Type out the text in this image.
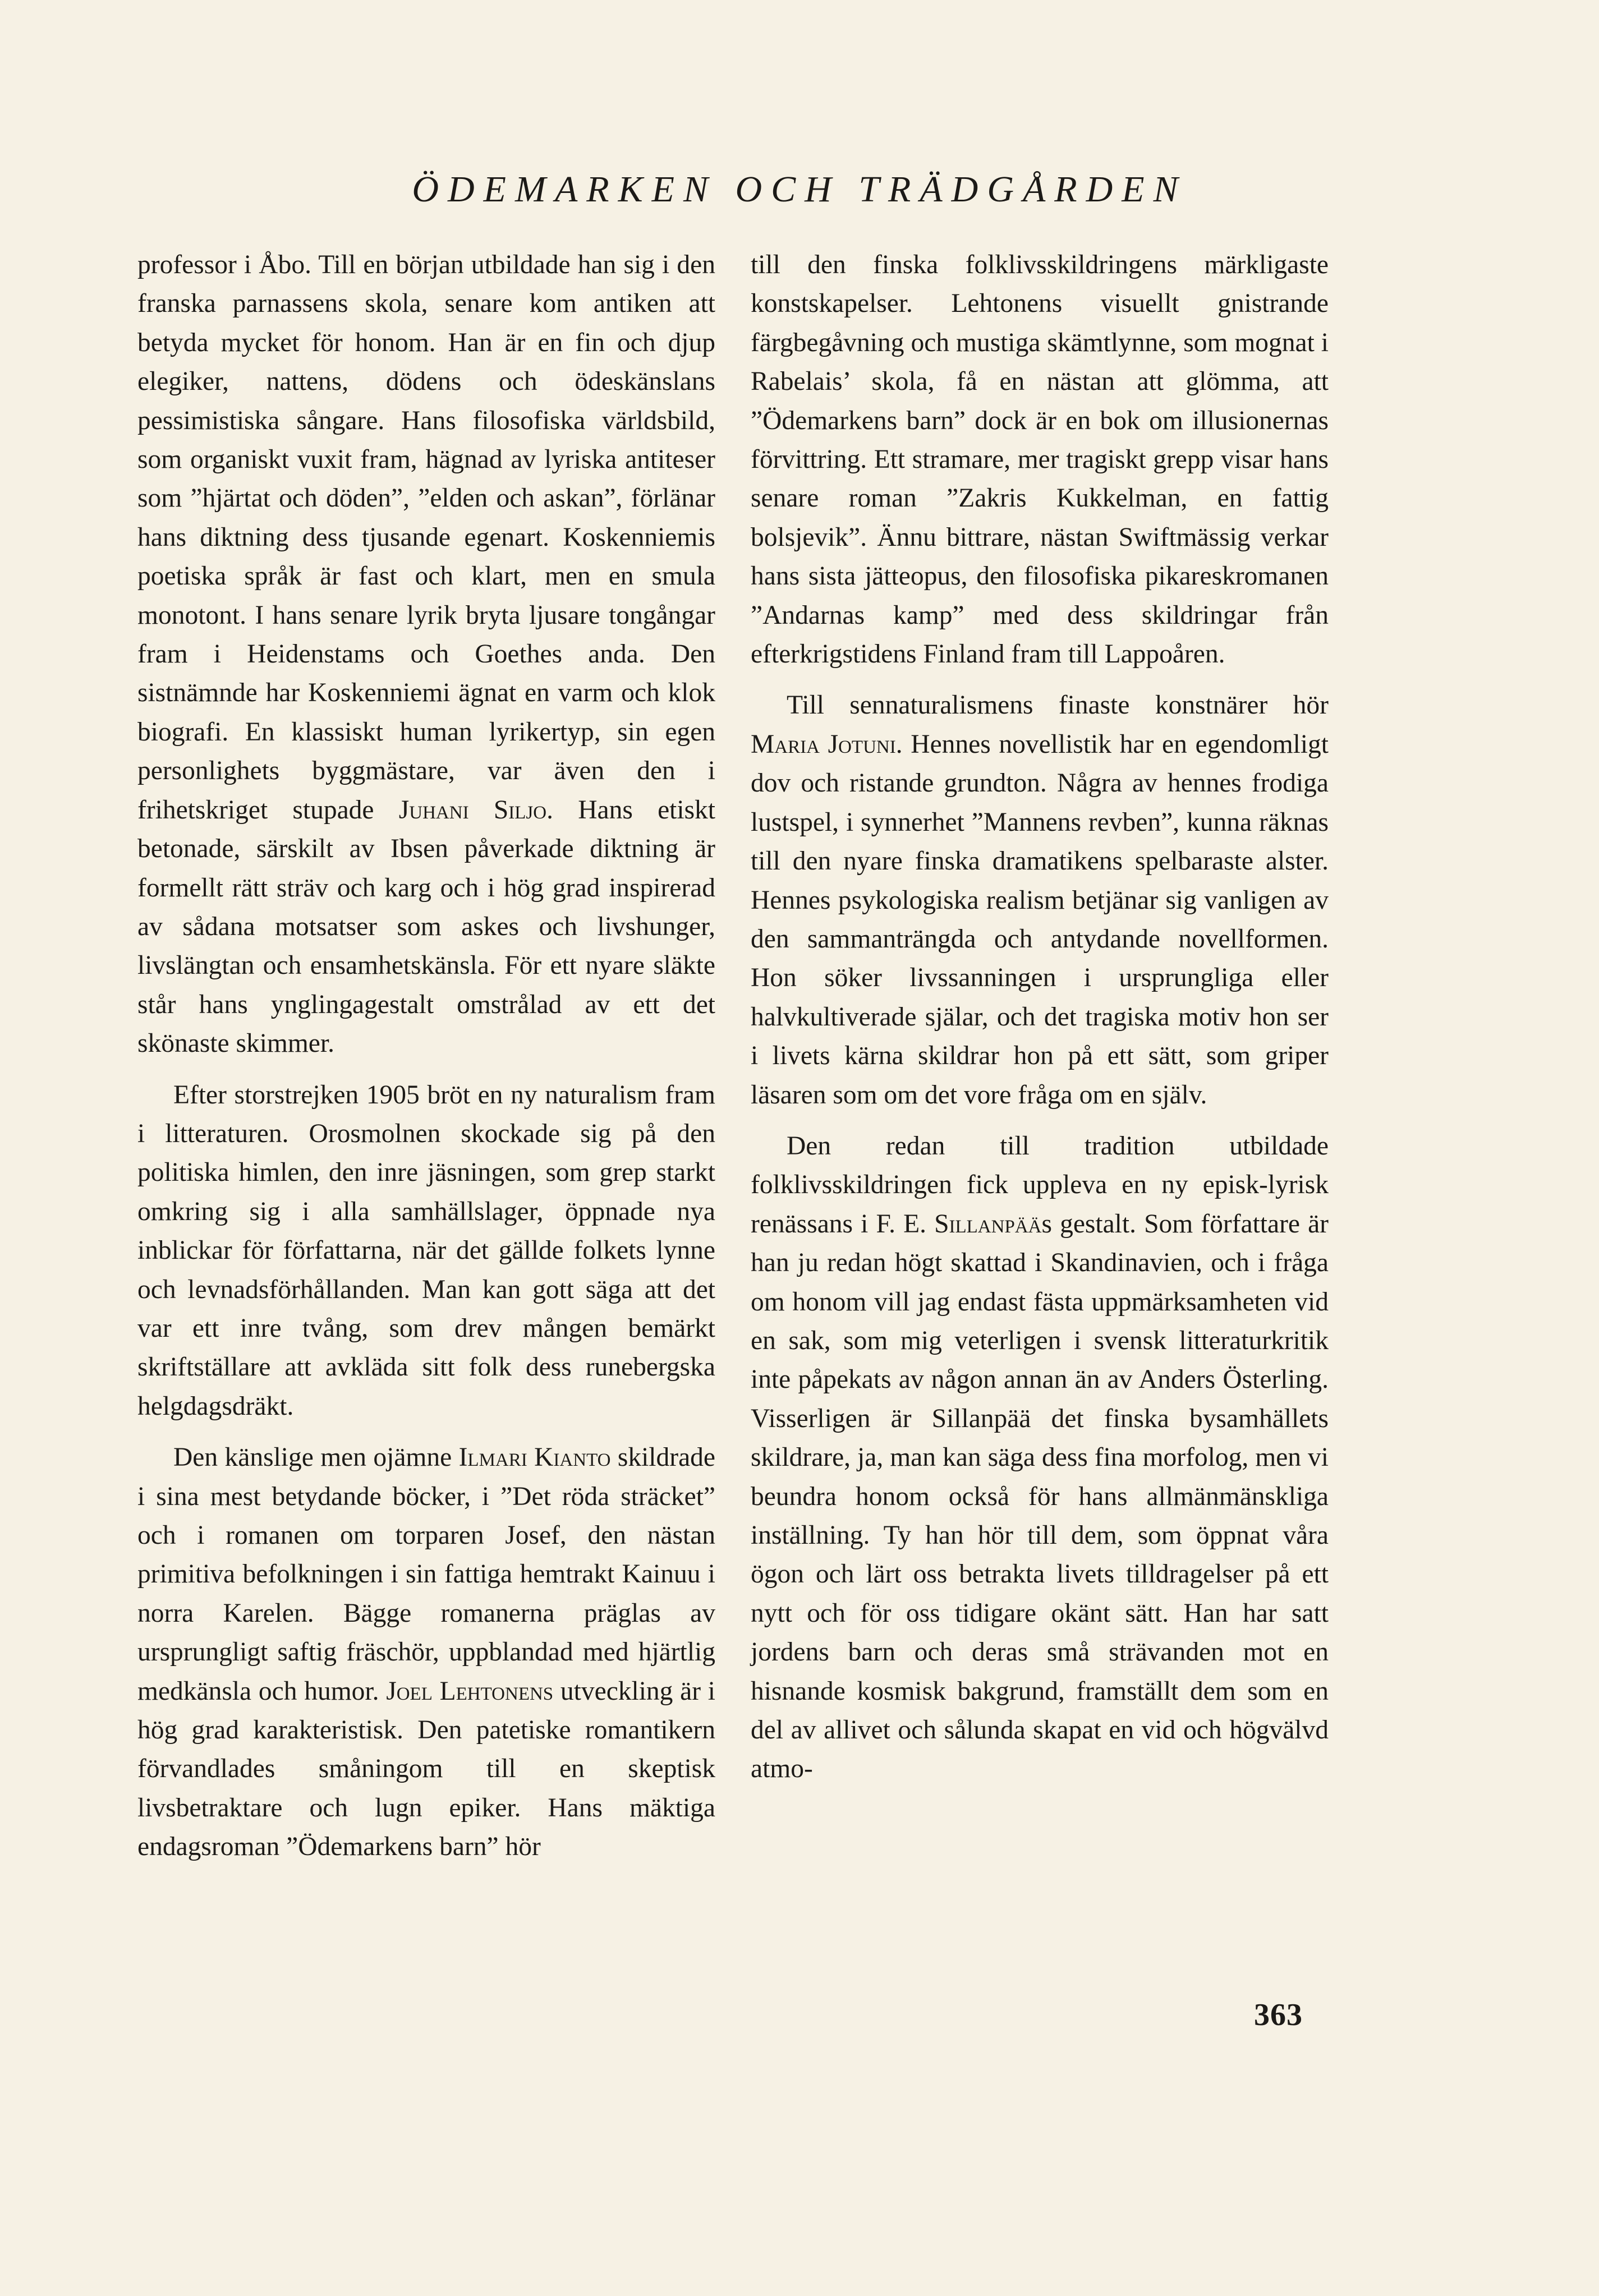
ÖDEMARKEN OCH TRÄDGÅRDEN

professor i Åbo. Till en början utbildade han sig i den franska parnassens skola, senare kom antiken att betyda mycket för honom. Han är en fin och djup elegiker, nattens, dödens och ödeskänslans pessimistiska sångare. Hans filosofiska världsbild, som organiskt vuxit fram, hägnad av lyriska antiteser som ”hjärtat och döden”, ”elden och askan”, förlänar hans diktning dess tjusande egenart. Koskenniemis poetiska språk är fast och klart, men en smula monotont. I hans senare lyrik bryta ljusare tongångar fram i Heidenstams och Goethes anda. Den sistnämnde har Koskenniemi ägnat en varm och klok biografi. En klassiskt human lyrikertyp, sin egen personlighets byggmästare, var även den i frihetskriget stupade Juhani Siljo. Hans etiskt betonade, särskilt av Ibsen påverkade diktning är formellt rätt sträv och karg och i hög grad inspirerad av sådana motsatser som askes och livshunger, livslängtan och ensamhetskänsla. För ett nyare släkte står hans ynglingagestalt omstrålad av ett det skönaste skimmer.

Efter storstrejken 1905 bröt en ny naturalism fram i litteraturen. Orosmolnen skockade sig på den politiska himlen, den inre jäsningen, som grep starkt omkring sig i alla samhällslager, öppnade nya inblickar för författarna, när det gällde folkets lynne och levnadsförhållanden. Man kan gott säga att det var ett inre tvång, som drev mången bemärkt skriftställare att avkläda sitt folk dess runebergska helgdagsdräkt.

Den känslige men ojämne Ilmari Kianto skildrade i sina mest betydande böcker, i ”Det röda sträcket” och i romanen om torparen Josef, den nästan primitiva befolkningen i sin fattiga hemtrakt Kainuu i norra Karelen. Bägge romanerna präglas av ursprungligt saftig fräschör, uppblandad med hjärtlig medkänsla och humor. Joel Lehtonens utveckling är i hög grad karakteristisk. Den patetiske romantikern förvandlades småningom till en skeptisk livsbetraktare och lugn epiker. Hans mäktiga endagsroman ”Ödemarkens barn” hör

till den finska folklivsskildringens märkligaste konstskapelser. Lehtonens visuellt gnistrande färgbegåvning och mustiga skämtlynne, som mognat i Rabelais’ skola, få en nästan att glömma, att ”Ödemarkens barn” dock är en bok om illusionernas förvittring. Ett stramare, mer tragiskt grepp visar hans senare roman ”Zakris Kukkelman, en fattig bolsjevik”. Ännu bittrare, nästan Swiftmässig verkar hans sista jätteopus, den filosofiska pikareskromanen ”Andarnas kamp” med dess skildringar från efterkrigstidens Finland fram till Lappoåren.

Till sennaturalismens finaste konstnärer hör Maria Jotuni. Hennes novellistik har en egendomligt dov och ristande grundton. Några av hennes frodiga lustspel, i synnerhet ”Mannens revben”, kunna räknas till den nyare finska dramatikens spelbaraste alster. Hennes psykologiska realism betjänar sig vanligen av den sammanträngda och antydande novellformen. Hon söker livssanningen i ursprungliga eller halvkultiverade själar, och det tragiska motiv hon ser i livets kärna skildrar hon på ett sätt, som griper läsaren som om det vore fråga om en själv.

Den redan till tradition utbildade folklivsskildringen fick uppleva en ny episk-lyrisk renässans i F. E. Sillanpääs gestalt. Som författare är han ju redan högt skattad i Skandinavien, och i fråga om honom vill jag endast fästa uppmärksamheten vid en sak, som mig veterligen i svensk litteraturkritik inte påpekats av någon annan än av Anders Österling. Visserligen är Sillanpää det finska bysamhällets skildrare, ja, man kan säga dess fina morfolog, men vi beundra honom också för hans allmänmänskliga inställning. Ty han hör till dem, som öppnat våra ögon och lärt oss betrakta livets tilldragelser på ett nytt och för oss tidigare okänt sätt. Han har satt jordens barn och deras små strävanden mot en hisnande kosmisk bakgrund, framställt dem som en del av allivet och sålunda skapat en vid och högvälvd atmo-

363
